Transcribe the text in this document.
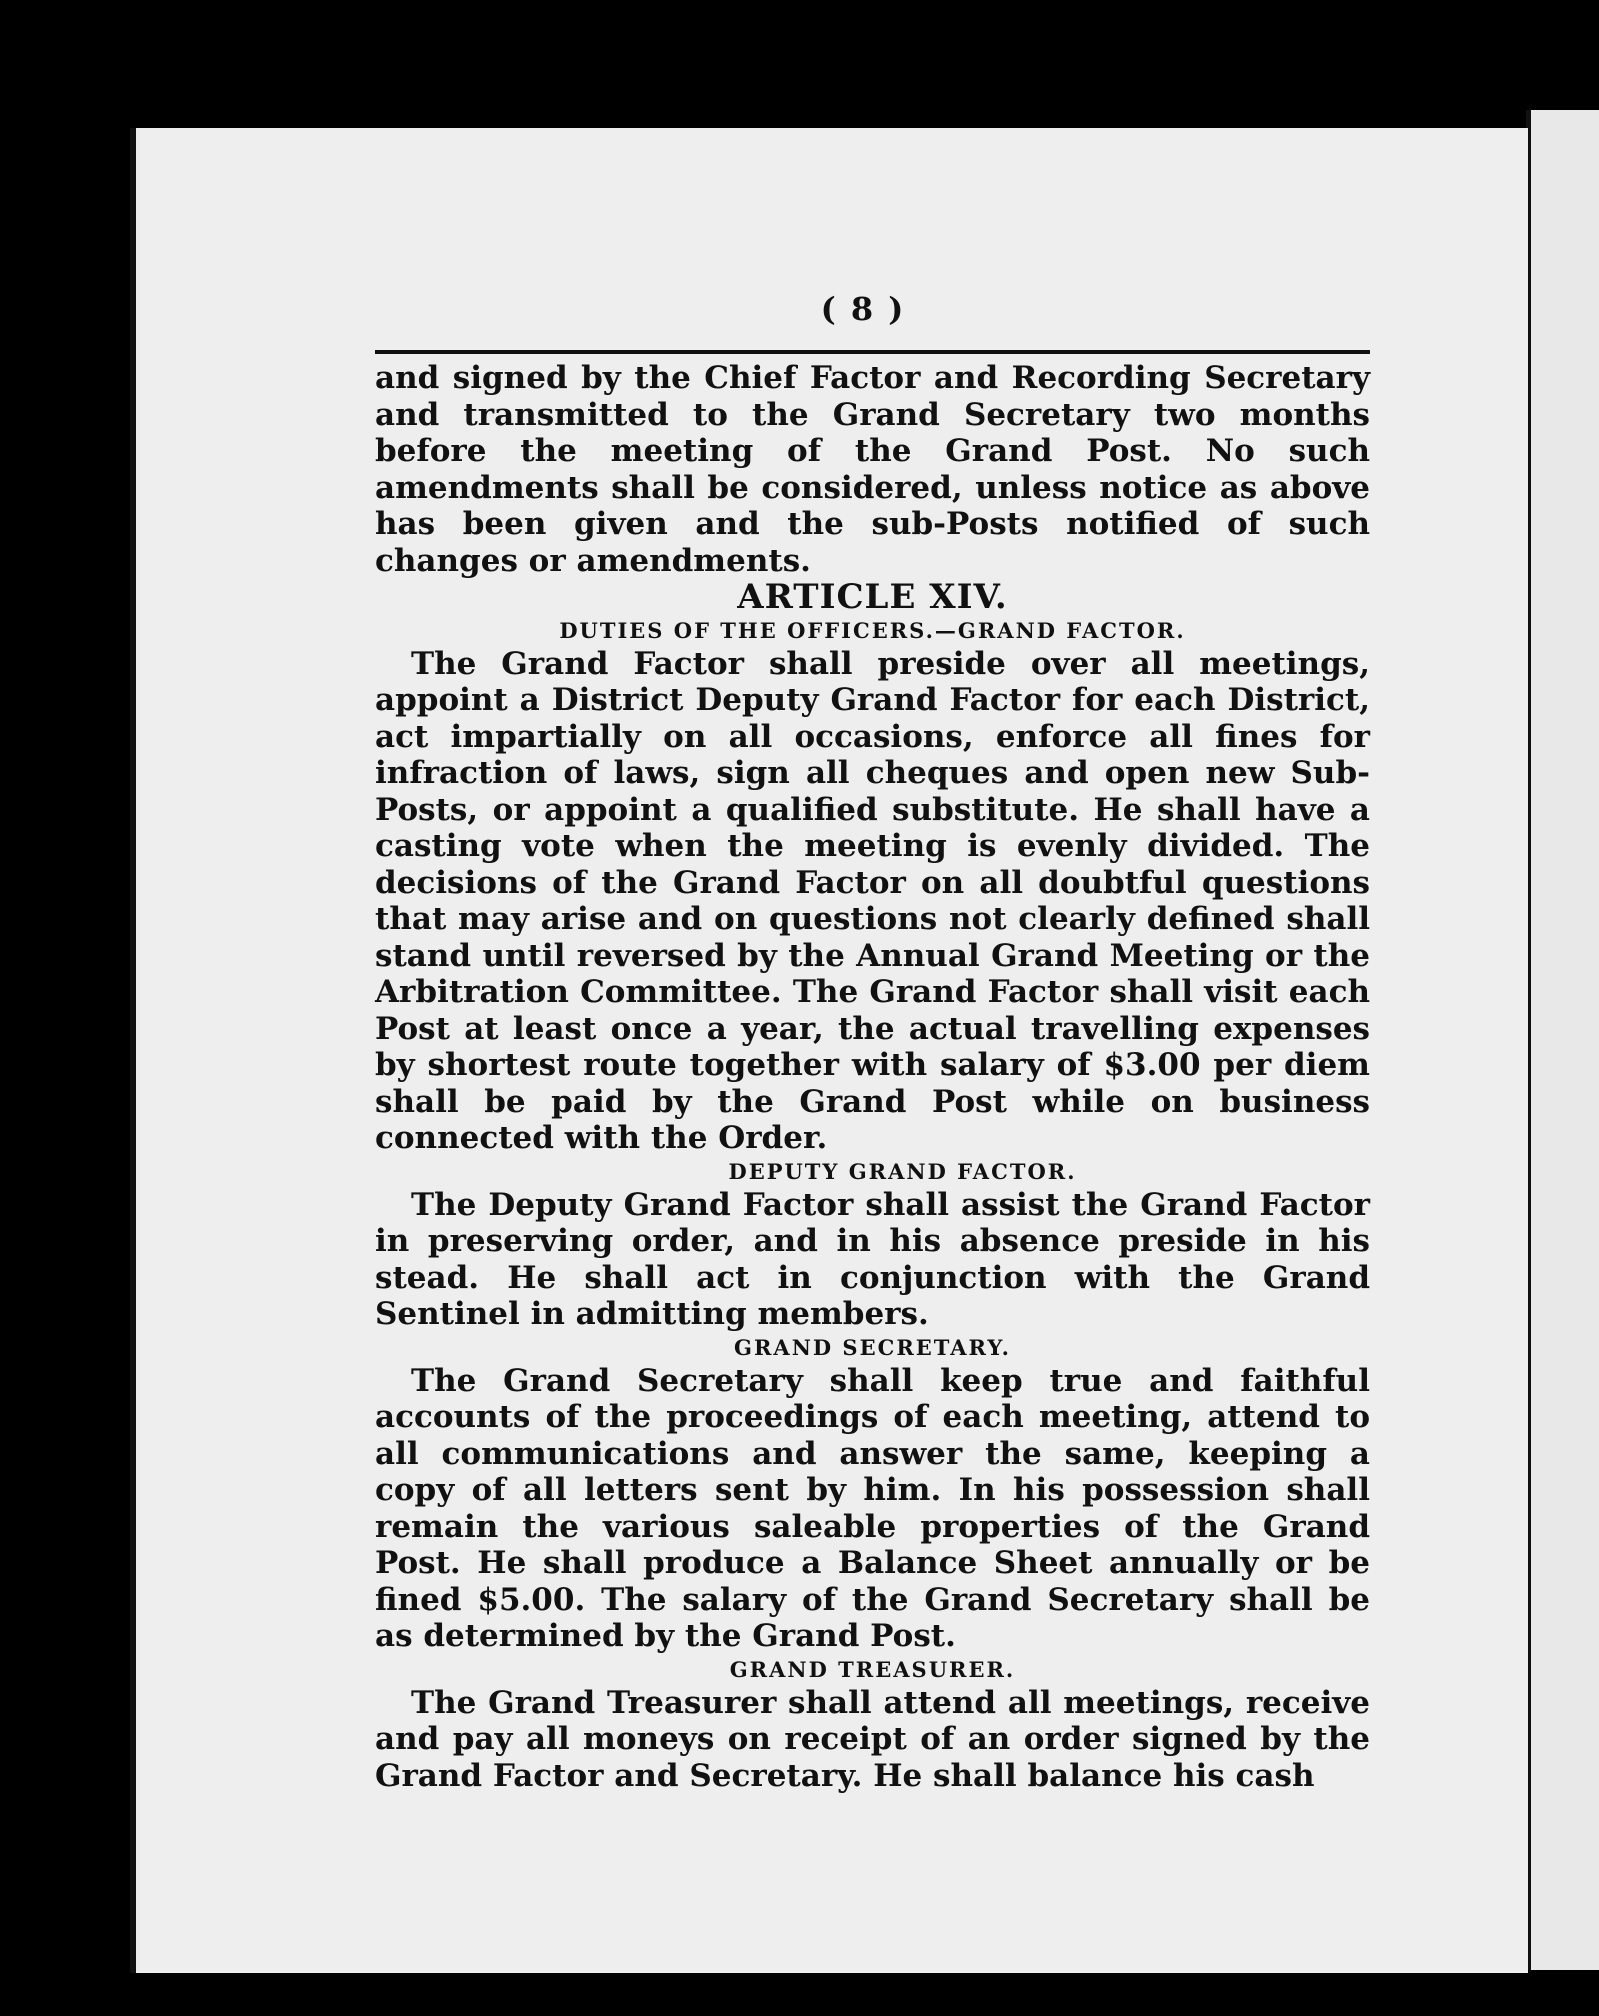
( 8 )

and signed by the Chief Factor and Recording Secretary and transmitted to the Grand Secretary two months before the meeting of the Grand Post. No such amendments shall be considered, unless notice as above has been given and the sub-Posts notified of such changes or amendments.

ARTICLE XIV.

DUTIES OF THE OFFICERS.—GRAND FACTOR.

The Grand Factor shall preside over all meetings, appoint a District Deputy Grand Factor for each District, act impartially on all occasions, enforce all fines for infraction of laws, sign all cheques and open new Sub-Posts, or appoint a qualified substitute. He shall have a casting vote when the meeting is evenly divided. The decisions of the Grand Factor on all doubtful questions that may arise and on questions not clearly defined shall stand until reversed by the Annual Grand Meeting or the Arbitration Committee. The Grand Factor shall visit each Post at least once a year, the actual travelling expenses by shortest route together with salary of $3.00 per diem shall be paid by the Grand Post while on business connected with the Order.

DEPUTY GRAND FACTOR.

The Deputy Grand Factor shall assist the Grand Factor in preserving order, and in his absence preside in his stead. He shall act in conjunction with the Grand Sentinel in admitting members.

GRAND SECRETARY.

The Grand Secretary shall keep true and faithful accounts of the proceedings of each meeting, attend to all communications and answer the same, keeping a copy of all letters sent by him. In his possession shall remain the various saleable properties of the Grand Post. He shall produce a Balance Sheet annually or be fined $5.00. The salary of the Grand Secretary shall be as determined by the Grand Post.

GRAND TREASURER.

The Grand Treasurer shall attend all meetings, receive and pay all moneys on receipt of an order signed by the Grand Factor and Secretary. He shall balance his cash
